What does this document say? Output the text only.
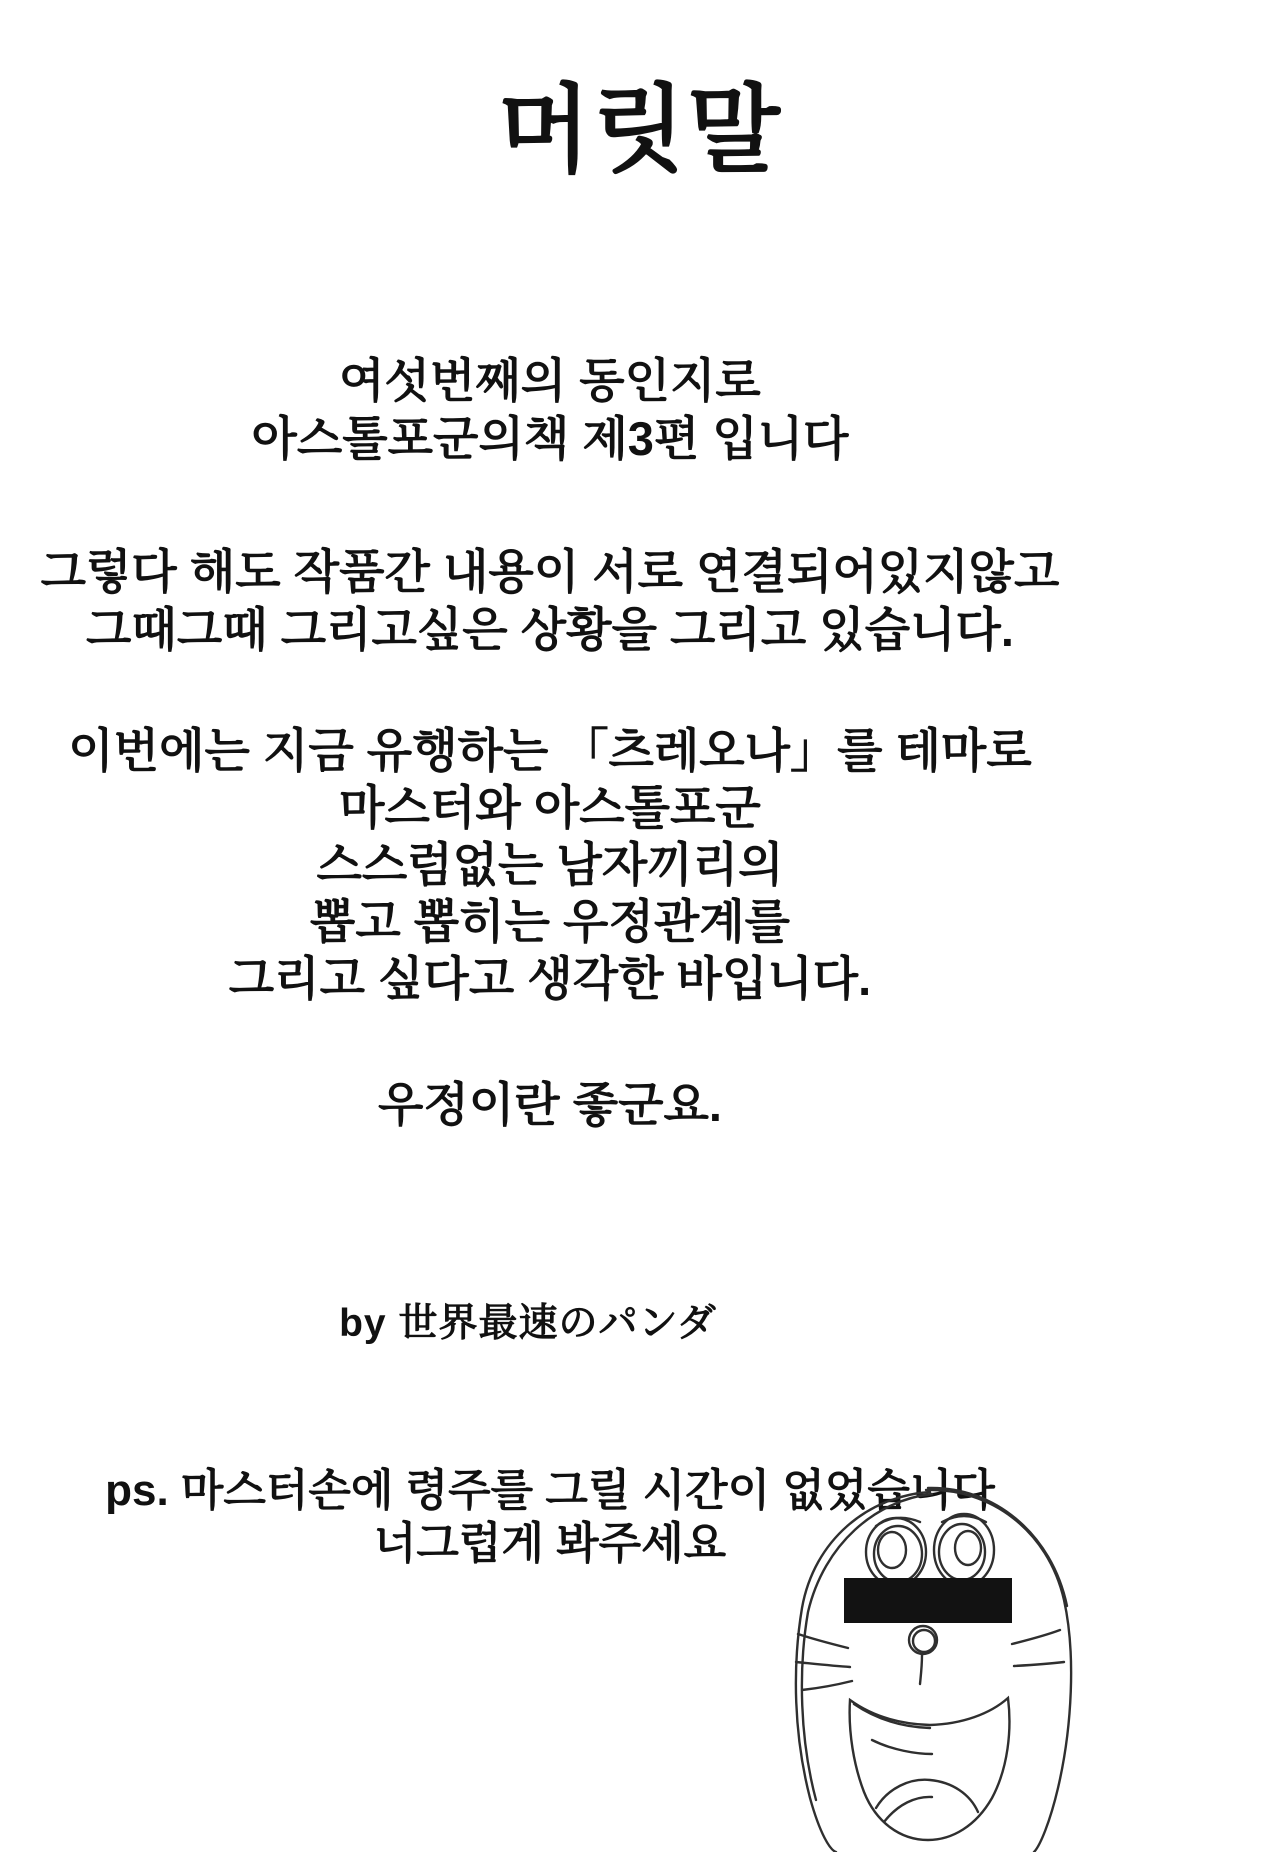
머릿말
여섯번째의 동인지로
아스톨포군의책 제3편 입니다
그렇다 해도 작품간 내용이 서로 연결되어있지않고
그때그때 그리고싶은 상황을 그리고 있습니다.
이번에는 지금 유행하는 「츠레오나」를 테마로
마스터와 아스톨포군
스스럼없는 남자끼리의
뽑고 뽑히는 우정관계를
그리고 싶다고 생각한 바입니다.
우정이란 좋군요.
by 世界最速のパンダ
ps. 마스터손에 령주를 그릴 시간이 없었습니다
너그럽게 봐주세요
